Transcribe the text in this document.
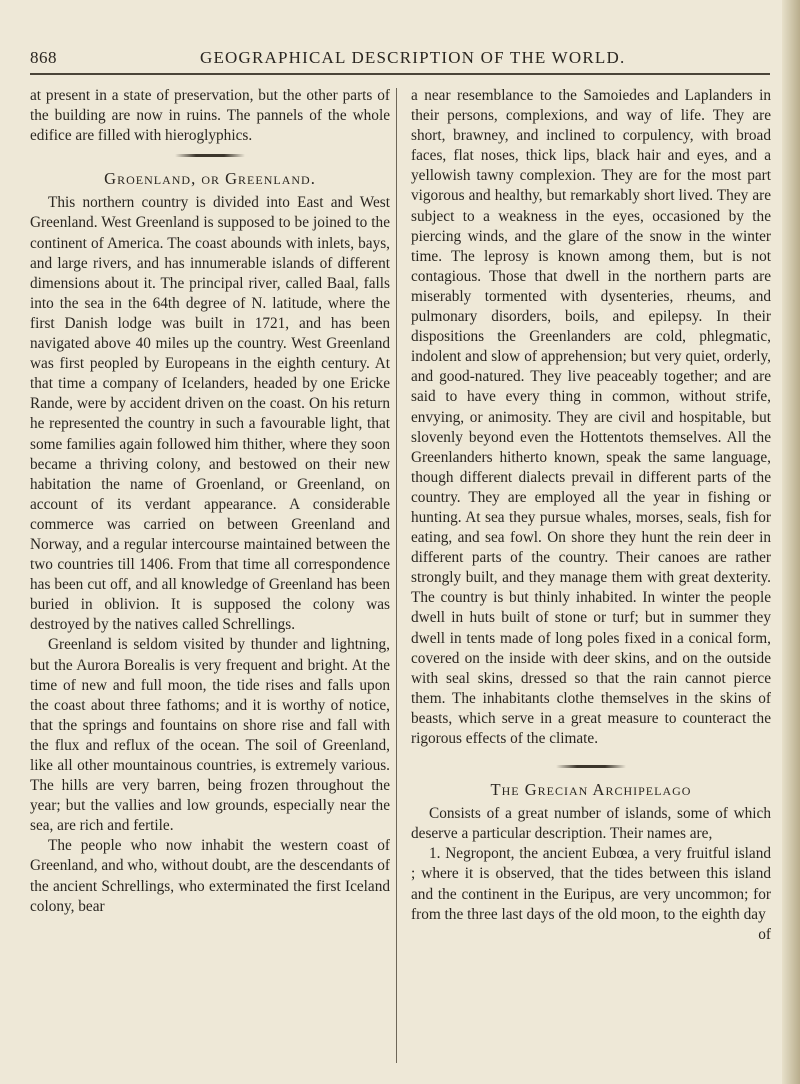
868	GEOGRAPHICAL DESCRIPTION OF THE WORLD.

at present in a state of preservation, but the other parts of the building are now in ruins. The pannels of the whole edifice are filled with hieroglyphics.

Groenland, or Greenland.

This northern country is divided into East and West Greenland. West Greenland is supposed to be joined to the continent of America. The coast abounds with inlets, bays, and large rivers, and has innumerable islands of different dimensions about it. The principal river, called Baal, falls into the sea in the 64th degree of N. latitude, where the first Danish lodge was built in 1721, and has been navigated above 40 miles up the country. West Greenland was first peopled by Europeans in the eighth century. At that time a company of Icelanders, headed by one Ericke Rande, were by accident driven on the coast. On his return he represented the country in such a favourable light, that some families again followed him thither, where they soon became a thriving colony, and bestowed on their new habitation the name of Groenland, or Greenland, on account of its verdant appearance. A considerable commerce was carried on between Greenland and Norway, and a regular intercourse maintained between the two countries till 1406. From that time all correspondence has been cut off, and all knowledge of Greenland has been buried in oblivion. It is supposed the colony was destroyed by the natives called Schrellings.

Greenland is seldom visited by thunder and lightning, but the Aurora Borealis is very frequent and bright. At the time of new and full moon, the tide rises and falls upon the coast about three fathoms; and it is worthy of notice, that the springs and fountains on shore rise and fall with the flux and reflux of the ocean. The soil of Greenland, like all other mountainous countries, is extremely various. The hills are very barren, being frozen throughout the year; but the vallies and low grounds, especially near the sea, are rich and fertile.

The people who now inhabit the western coast of Greenland, and who, without doubt, are the descendants of the ancient Schrellings, who exterminated the first Iceland colony, bear

a near resemblance to the Samoiedes and Laplanders in their persons, complexions, and way of life. They are short, brawney, and inclined to corpulency, with broad faces, flat noses, thick lips, black hair and eyes, and a yellowish tawny complexion. They are for the most part vigorous and healthy, but remarkably short lived. They are subject to a weakness in the eyes, occasioned by the piercing winds, and the glare of the snow in the winter time. The leprosy is known among them, but is not contagious. Those that dwell in the northern parts are miserably tormented with dysenteries, rheums, and pulmonary disorders, boils, and epilepsy. In their dispositions the Greenlanders are cold, phlegmatic, indolent and slow of apprehension; but very quiet, orderly, and good-natured. They live peaceably together; and are said to have every thing in common, without strife, envying, or animosity. They are civil and hospitable, but slovenly beyond even the Hottentots themselves. All the Greenlanders hitherto known, speak the same language, though different dialects prevail in different parts of the country. They are employed all the year in fishing or hunting. At sea they pursue whales, morses, seals, fish for eating, and sea fowl. On shore they hunt the rein deer in different parts of the country. Their canoes are rather strongly built, and they manage them with great dexterity. The country is but thinly inhabited. In winter the people dwell in huts built of stone or turf; but in summer they dwell in tents made of long poles fixed in a conical form, covered on the inside with deer skins, and on the outside with seal skins, dressed so that the rain cannot pierce them. The inhabitants clothe themselves in the skins of beasts, which serve in a great measure to counteract the rigorous effects of the climate.

The Grecian Archipelago

Consists of a great number of islands, some of which deserve a particular description. Their names are,

1. Negropont, the ancient Eubœa, a very fruitful island ; where it is observed, that the tides between this island and the continent in the Euripus, are very uncommon; for from the three last days of the old moon, to the eighth day

of
